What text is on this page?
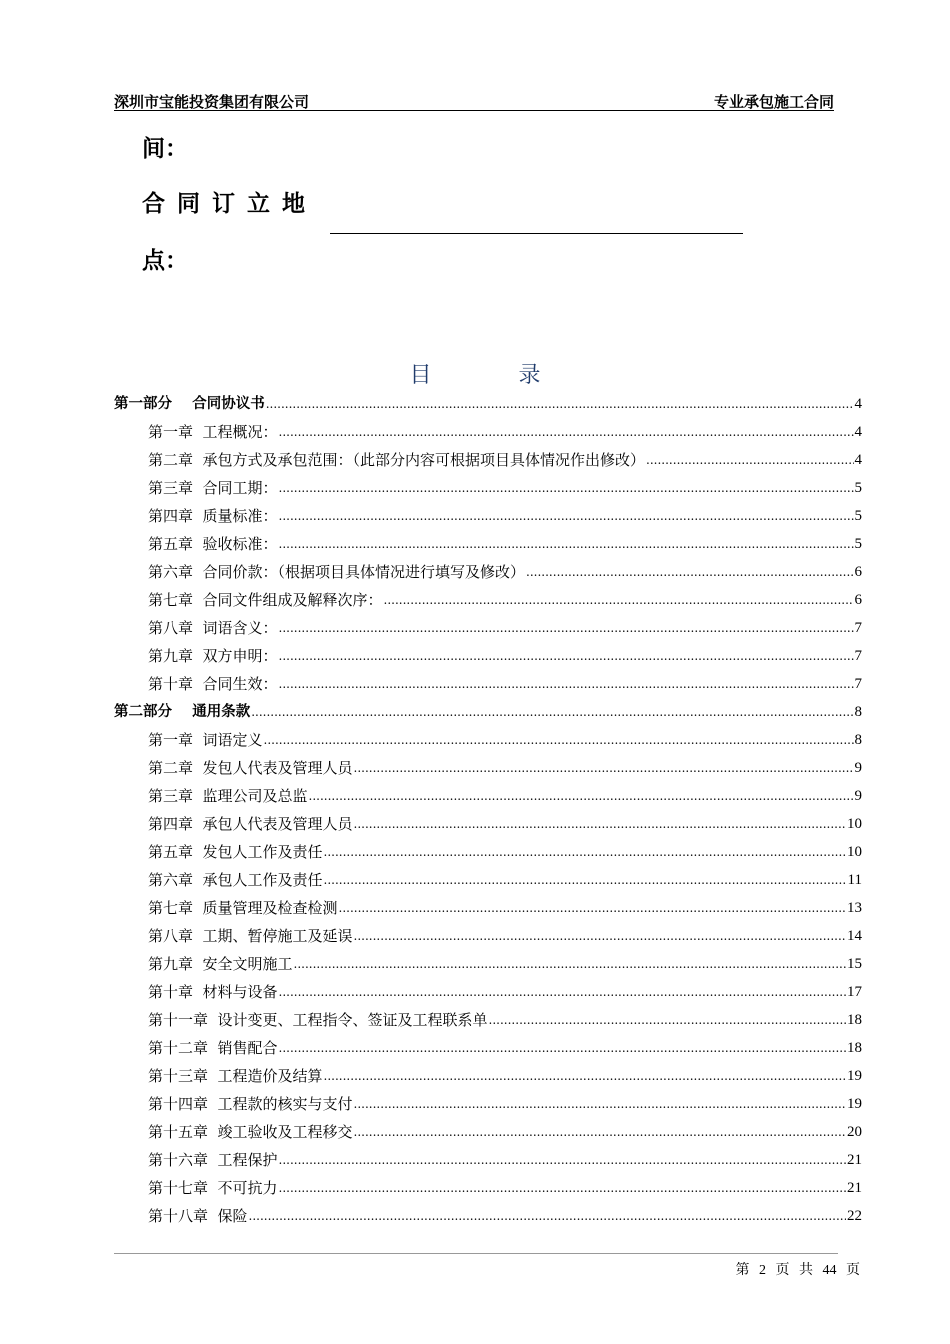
深圳市宝能投资集团有限公司	专业承包施工合同
间：
合同订立地
点：
目 录
第一部分    合同协议书 .....	4
第一章  工程概况： .....	4
第二章  承包方式及承包范围：（此部分内容可根据项目具体情况作出修改） .....	4
第三章  合同工期： .....	5
第四章  质量标准： .....	5
第五章  验收标准： .....	5
第六章  合同价款：（根据项目具体情况进行填写及修改） .....	6
第七章  合同文件组成及解释次序： .....	6
第八章  词语含义： .....	7
第九章  双方申明： .....	7
第十章  合同生效： .....	7
第二部分    通用条款 .....	8
第一章  词语定义 .....	8
第二章  发包人代表及管理人员 .....	9
第三章  监理公司及总监 .....	9
第四章  承包人代表及管理人员 .....	10
第五章  发包人工作及责任 .....	10
第六章  承包人工作及责任 .....	11
第七章  质量管理及检查检测 .....	13
第八章  工期、暂停施工及延误 .....	14
第九章  安全文明施工 .....	15
第十章  材料与设备 .....	17
第十一章  设计变更、工程指令、签证及工程联系单 .....	18
第十二章  销售配合 .....	18
第十三章  工程造价及结算 .....	19
第十四章  工程款的核实与支付 .....	19
第十五章  竣工验收及工程移交 .....	20
第十六章  工程保护 .....	21
第十七章  不可抗力 .....	21
第十八章  保险 .....	22
第 2 页 共 44 页
